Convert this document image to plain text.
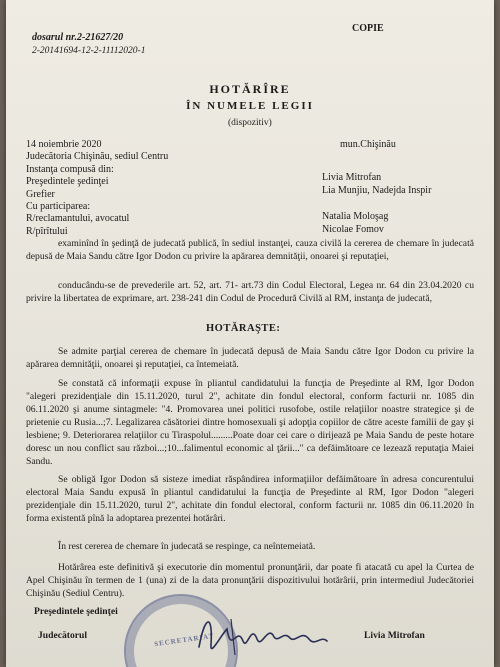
dosarul nr.2-21627/20
2-20141694-12-2-11112020-1
COPIE
HOTĂRÎRE
ÎN NUMELE LEGII
(dispozitiv)
14 noiembrie 2020	mun.Chişinău
Judecătoria Chişinău, sediul Centru
Instanţa compusă din:
Preşedintele şedinţei	Livia Mitrofan
Grefier	Lia Munjiu, Nadejda Inspir
Cu participarea:
R/reclamantului, avocatul	Natalia Moloşag
R/pîrîtului	Nicolae Fomov
examinînd în şedinţă de judecată publică, în sediul instanţei, cauza civilă la cererea de chemare în judecată depusă de Maia Sandu către Igor Dodon cu privire la apărarea demnităţii, onoarei şi reputaţiei,
conducându-se de prevederile art. 52, art. 71- art.73 din Codul Electoral, Legea nr. 64 din 23.04.2020 cu privire la libertatea de exprimare, art. 238-241 din Codul de Procedură Civilă al RM, instanţa de judecată,
HOTĂRAŞTE:
Se admite parţial cererea de chemare în judecată depusă de Maia Sandu către Igor Dodon cu privire la apărarea demnităţii, onoarei şi reputaţiei, ca întemeiată.
Se constată că informaţii expuse în pliantul candidatului la funcţia de Preşedinte al RM, Igor Dodon "alegeri prezidenţiale din 15.11.2020, turul 2", achitate din fondul electoral, conform facturii nr. 1085 din 06.11.2020 şi anume sintagmele: "4. Promovarea unei politici rusofobe, ostile relaţiilor noastre strategice şi de prietenie cu Rusia...;7. Legalizarea căsătoriei dintre homosexuali şi adopţia copiilor de către aceste familii de gay şi lesbiene; 9. Deteriorarea relaţiilor cu Tiraspolul.........Poate doar cei care o dirijează pe Maia Sandu de peste hotare doresc un nou conflict sau război...;10...falimentul economic al ţării..." ca defăimătoare ce lezează reputaţia Maiei Sandu.
Se obligă Igor Dodon să sisteze imediat răspândirea informaţiilor defăimătoare în adresa concurentului electoral Maia Sandu expusă în pliantul candidatului la funcţia de Preşedinte al RM, Igor Dodon "alegeri prezidenţiale din 15.11.2020, turul 2", achitate din fondul electoral, conform facturii nr. 1085 din 06.11.2020 în forma existentă pînă la adoptarea prezentei hotărâri.
În rest cererea de chemare în judecată se respinge, ca neîntemeiată.
Hotărârea este definitivă şi executorie din momentul pronunţării, dar poate fi atacată cu apel la Curtea de Apel Chişinău în termen de 1 (una) zi de la data pronunţării dispozitivului hotărârii, prin intermediul Judecătoriei Chişinău (Sediul Centru).
SECRETARIAT
Preşedintele şedinţei
Judecătorul	Livia Mitrofan
